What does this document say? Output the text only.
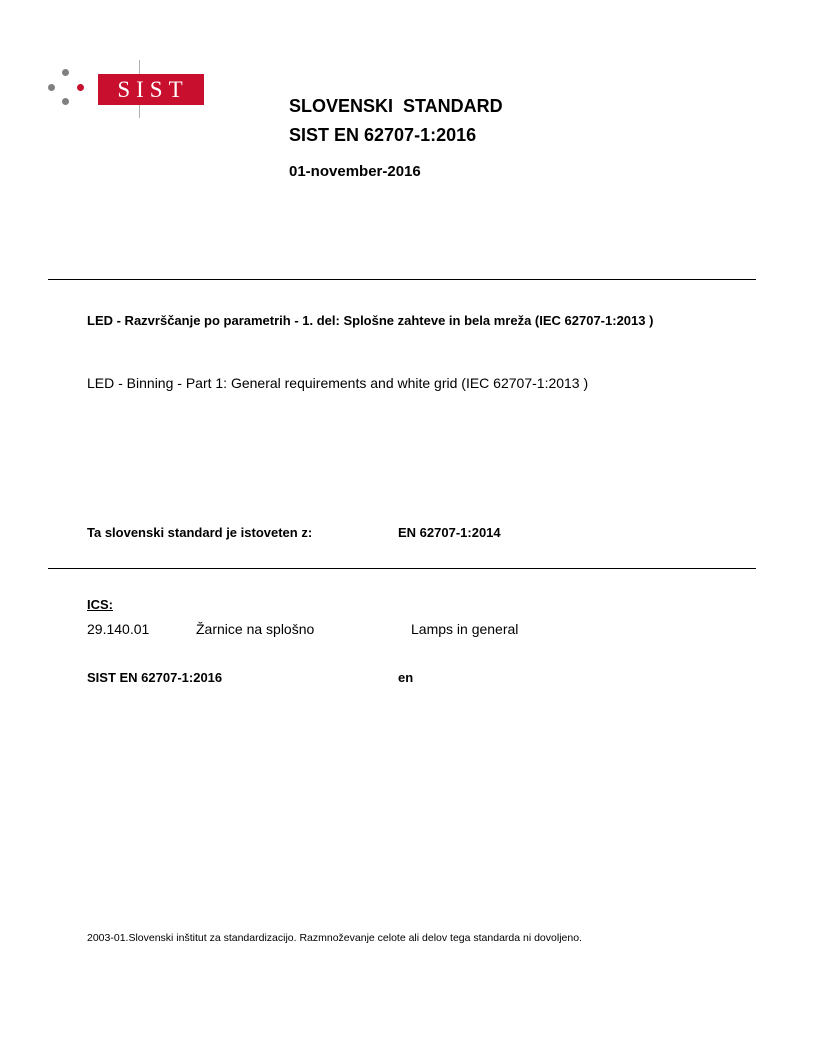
SIST
SLOVENSKI  STANDARD
SIST EN 62707-1:2016
01-november-2016
LED - Razvrščanje po parametrih - 1. del: Splošne zahteve in bela mreža (IEC 62707-1:2013 )
LED - Binning - Part 1: General requirements and white grid (IEC 62707-1:2013 )
Ta slovenski standard je istoveten z:	EN 62707-1:2014
ICS:
29.140.01	Žarnice na splošno	Lamps in general
SIST EN 62707-1:2016	en
2003-01.Slovenski inštitut za standardizacijo. Razmnoževanje celote ali delov tega standarda ni dovoljeno.
